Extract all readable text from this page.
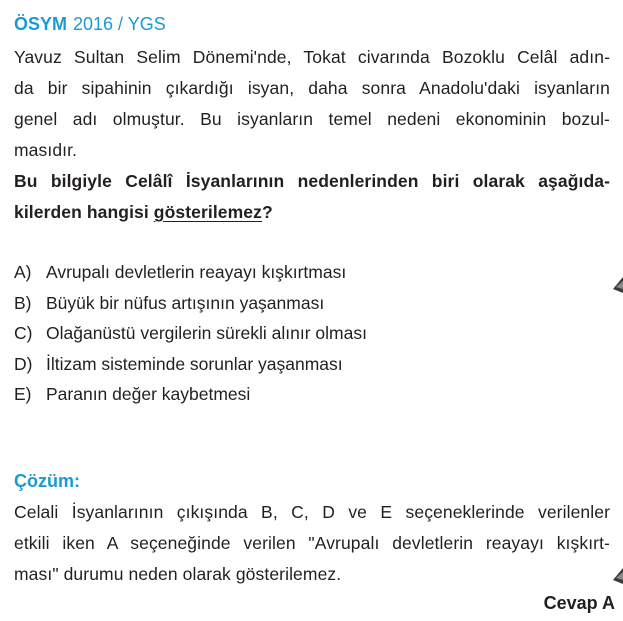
ÖSYM 2016 / YGS
Yavuz Sultan Selim Dönemi'nde, Tokat civarında Bozoklu Celâl adın-
da bir sipahinin çıkardığı isyan, daha sonra Anadolu'daki isyanların
genel adı olmuştur. Bu isyanların temel nedeni ekonominin bozul-
masıdır.
Bu bilgiyle Celâlî İsyanlarının nedenlerinden biri olarak aşağıda-
kilerden hangisi gösterilemez?
A) Avrupalı devletlerin reayayı kışkırtması
B) Büyük bir nüfus artışının yaşanması
C) Olağanüstü vergilerin sürekli alınır olması
D) İltizam sisteminde sorunlar yaşanması
E) Paranın değer kaybetmesi
Çözüm:
Celali İsyanlarının çıkışında B, C, D ve E seçeneklerinde verilenler
etkili iken A seçeneğinde verilen "Avrupalı devletlerin reayayı kışkırt-
ması" durumu neden olarak gösterilemez.
Cevap A
